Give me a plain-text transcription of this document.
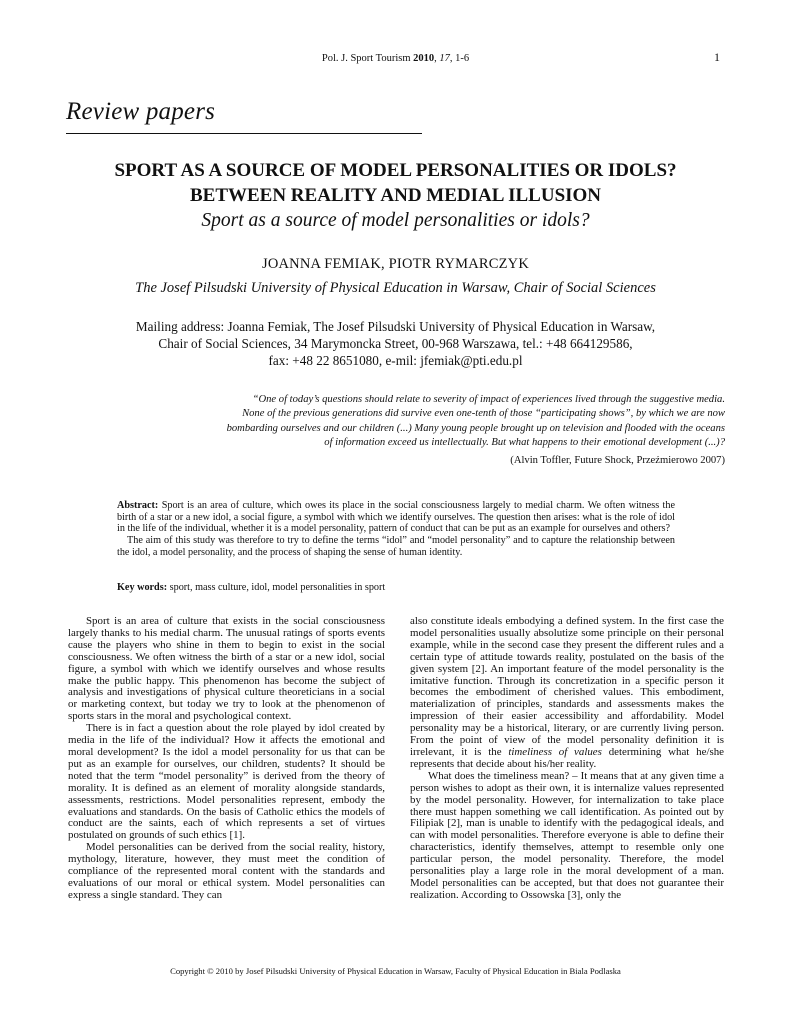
Pol. J. Sport Tourism 2010, 17, 1-6	1
Review papers
SPORT AS A SOURCE OF MODEL PERSONALITIES OR IDOLS?
BETWEEN REALITY AND MEDIAL ILLUSION
Sport as a source of model personalities or idols?
JOANNA FEMIAK, PIOTR RYMARCZYK
The Josef Pilsudski University of Physical Education in Warsaw, Chair of Social Sciences
Mailing address: Joanna Femiak, The Josef Pilsudski University of Physical Education in Warsaw,
Chair of Social Sciences, 34 Marymoncka Street, 00-968 Warszawa, tel.: +48 664129586,
fax: +48 22 8651080, e-mil: jfemiak@pti.edu.pl
“One of today’s questions should relate to severity of impact of experiences lived through the suggestive media.
None of the previous generations did survive even one-tenth of those “participating shows”, by which we are now
bombarding ourselves and our children (...) Many young people brought up on television and flooded with the oceans
of information exceed us intellectually. But what happens to their emotional development (...)?
(Alvin Toffler, Future Shock, Przeźmierowo 2007)

Abstract: Sport is an area of culture, which owes its place in the social consciousness largely to medial charm. We often witness the birth of a star or a new idol, a social figure, a symbol with which we identify ourselves. The question then arises: what is the role of idol in the life of the individual, whether it is a model personality, pattern of conduct that can be put as an example for ourselves and others?

The aim of this study was therefore to try to define the terms “idol” and “model personality” and to capture the relationship between the idol, a model personality, and the process of shaping the sense of human identity.

Key words: sport, mass culture, idol, model personalities in sport

Sport is an area of culture that exists in the social consciousness largely thanks to his medial charm. The unusual ratings of sports events cause the players who shine in them to begin to exist in the social consciousness. We often witness the birth of a star or a new idol, social figure, a symbol with which we identify ourselves and whose results make the public happy. This phenomenon has become the subject of analysis and investigations of physical culture theoreticians in a social or marketing context, but today we try to look at the phenomenon of sports stars in the moral and psychological context.

There is in fact a question about the role played by idol created by media in the life of the individual? How it affects the emotional and moral development? Is the idol a model personality for us that can be put as an example for ourselves, our children, students? It should be noted that the term “model personality” is derived from the theory of morality. It is defined as an element of morality alongside standards, assessments, restrictions. Model personalities represent, embody the evaluations and standards. On the basis of Catholic ethics the models of conduct are the saints, each of which represents a set of virtues postulated on grounds of such ethics [1].

Model personalities can be derived from the social reality, history, mythology, literature, however, they must meet the condition of compliance of the represented moral content with the standards and evaluations of our moral or ethical system. Model personalities can express a single standard. They can

also constitute ideals embodying a defined system. In the first case the model personalities usually absolutize some principle on their personal example, while in the second case they present the different rules and a certain type of attitude towards reality, postulated on the basis of the given system [2]. An important feature of the model personality is the imitative function. Through its concretization in a specific person it becomes the embodiment of cherished values. This embodiment, materialization of principles, standards and assessments makes the impression of their easier accessibility and affordability. Model personality may be a historical, literary, or are currently living person. From the point of view of the model personality definition it is irrelevant, it is the timeliness of values determining what he/she represents that decide about his/her reality.

What does the timeliness mean? – It means that at any given time a person wishes to adopt as their own, it is internalize values represented by the model personality. However, for internalization to take place there must happen something we call identification. As pointed out by Filipiak [2], man is unable to identify with the pedagogical ideals, and can with model personalities. Therefore everyone is able to define their characteristics, identify themselves, attempt to resemble only one particular person, the model personality. Therefore, the model personalities play a large role in the moral development of a man. Model personalities can be accepted, but that does not guarantee their realization. According to Ossowska [3], only the

Copyright © 2010 by Josef Pilsudski University of Physical Education in Warsaw, Faculty of Physical Education in Biala Podlaska
